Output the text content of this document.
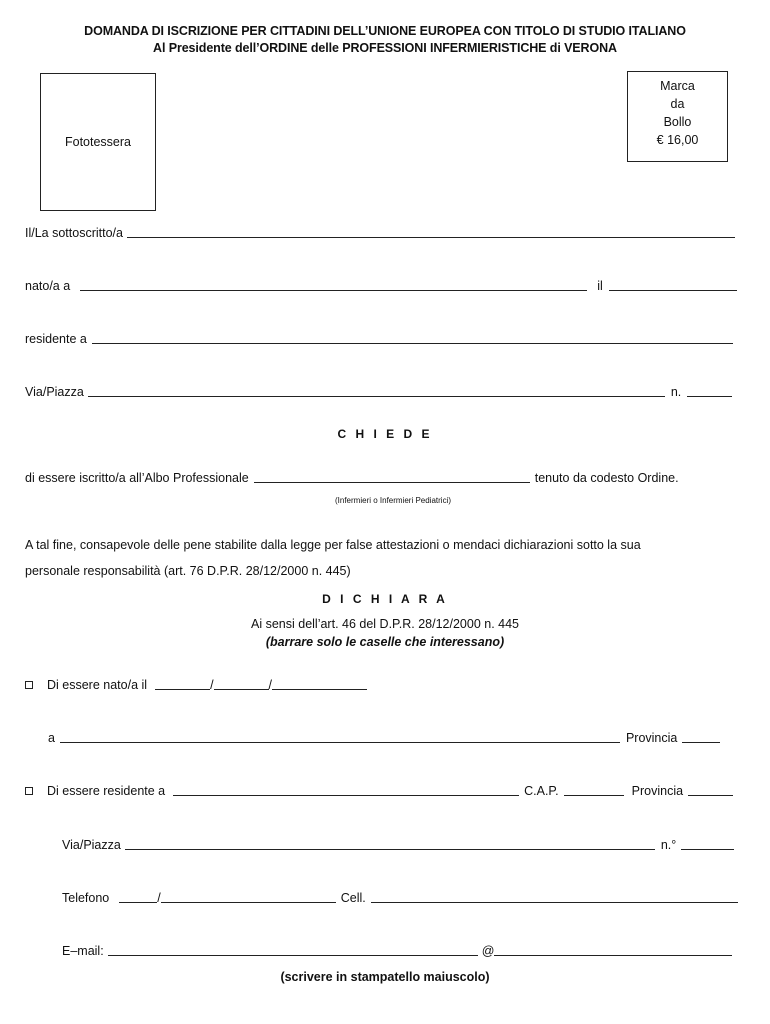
DOMANDA DI ISCRIZIONE PER CITTADINI DELL’UNIONE EUROPEA CON TITOLO DI STUDIO ITALIANO
Al Presidente dell’ORDINE delle PROFESSIONI INFERMIERISTICHE di VERONA
Fototessera
Marca
da
Bollo
€ 16,00
Il/La sottoscritto/a
nato/a a	il
residente a
Via/Piazza	n.
C H I E D E
di essere iscritto/a all’Albo Professionale	tenuto da codesto Ordine.
(Infermieri o Infermieri Pediatrici)
A tal fine, consapevole delle pene stabilite dalla legge per false attestazioni o mendaci dichiarazioni sotto la sua
personale responsabilità (art. 76 D.P.R. 28/12/2000 n. 445)
D I C H I A R A
Ai sensi dell’art. 46 del D.P.R. 28/12/2000 n. 445
(barrare solo le caselle che interessano)
Di essere nato/a il	/	/
a	Provincia
Di essere residente a	C.A.P.	Provincia
Via/Piazza	n.°
Telefono	/	Cell.
E–mail:	@
(scrivere in stampatello maiuscolo)
